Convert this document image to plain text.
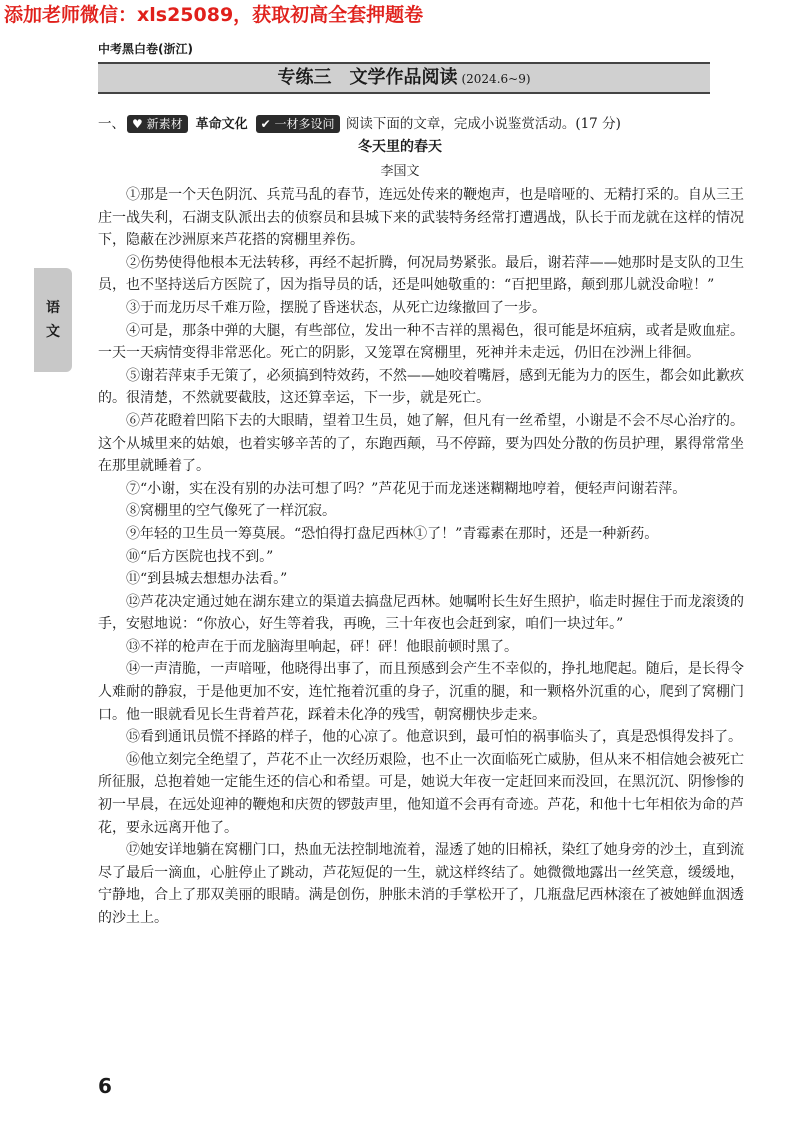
添加老师微信：xls25089，获取初高全套押题卷
中考黑白卷(浙江)
专练三　文学作品阅读 (2024.6~9)
语
文
一、 ♥ 新素材 革命文化 ✔ 一材多设问 阅读下面的文章，完成小说鉴赏活动。(17 分)
冬天里的春天
李国文

①那是一个天色阴沉、兵荒马乱的春节，连远处传来的鞭炮声，也是喑哑的、无精打采的。自从三王庄一战失利，石湖支队派出去的侦察员和县城下来的武装特务经常打遭遇战，队长于而龙就在这样的情况下，隐蔽在沙洲原来芦花搭的窝棚里养伤。

②伤势使得他根本无法转移，再经不起折腾，何况局势紧张。最后，谢若萍——她那时是支队的卫生员，也不坚持送后方医院了，因为指导员的话，还是叫她敬重的：“百把里路，颠到那儿就没命啦！”

③于而龙历尽千难万险，摆脱了昏迷状态，从死亡边缘撤回了一步。

④可是，那条中弹的大腿，有些部位，发出一种不吉祥的黑褐色，很可能是坏疽病，或者是败血症。一天一天病情变得非常恶化。死亡的阴影，又笼罩在窝棚里，死神并未走远，仍旧在沙洲上徘徊。

⑤谢若萍束手无策了，必须搞到特效药，不然——她咬着嘴唇，感到无能为力的医生，都会如此歉疚的。很清楚，不然就要截肢，这还算幸运，下一步，就是死亡。

⑥芦花瞪着凹陷下去的大眼睛，望着卫生员，她了解，但凡有一丝希望，小谢是不会不尽心治疗的。这个从城里来的姑娘，也着实够辛苦的了，东跑西颠，马不停蹄，要为四处分散的伤员护理，累得常常坐在那里就睡着了。

⑦“小谢，实在没有别的办法可想了吗？”芦花见于而龙迷迷糊糊地哼着，便轻声问谢若萍。

⑧窝棚里的空气像死了一样沉寂。

⑨年轻的卫生员一筹莫展。“恐怕得打盘尼西林①了！”青霉素在那时，还是一种新药。

⑩“后方医院也找不到。”

⑪“到县城去想想办法看。”

⑫芦花决定通过她在湖东建立的渠道去搞盘尼西林。她嘱咐长生好生照护，临走时握住于而龙滚烫的手，安慰地说：“你放心，好生等着我，再晚，三十年夜也会赶到家，咱们一块过年。”

⑬不祥的枪声在于而龙脑海里响起，砰！砰！他眼前顿时黑了。

⑭一声清脆，一声喑哑，他晓得出事了，而且预感到会产生不幸似的，挣扎地爬起。随后，是长得令人难耐的静寂，于是他更加不安，连忙拖着沉重的身子，沉重的腿，和一颗格外沉重的心，爬到了窝棚门口。他一眼就看见长生背着芦花，踩着未化净的残雪，朝窝棚快步走来。

⑮看到通讯员慌不择路的样子，他的心凉了。他意识到，最可怕的祸事临头了，真是恐惧得发抖了。

⑯他立刻完全绝望了，芦花不止一次经历艰险，也不止一次面临死亡威胁，但从来不相信她会被死亡所征服，总抱着她一定能生还的信心和希望。可是，她说大年夜一定赶回来而没回，在黑沉沉、阴惨惨的初一早晨，在远处迎神的鞭炮和庆贺的锣鼓声里，他知道不会再有奇迹。芦花，和他十七年相依为命的芦花，要永远离开他了。

⑰她安详地躺在窝棚门口，热血无法控制地流着，湿透了她的旧棉袄，染红了她身旁的沙土，直到流尽了最后一滴血，心脏停止了跳动，芦花短促的一生，就这样终结了。她微微地露出一丝笑意，缓缓地，宁静地，合上了那双美丽的眼睛。满是创伤，肿胀未消的手掌松开了，几瓶盘尼西林滚在了被她鲜血洇透的沙土上。

6
